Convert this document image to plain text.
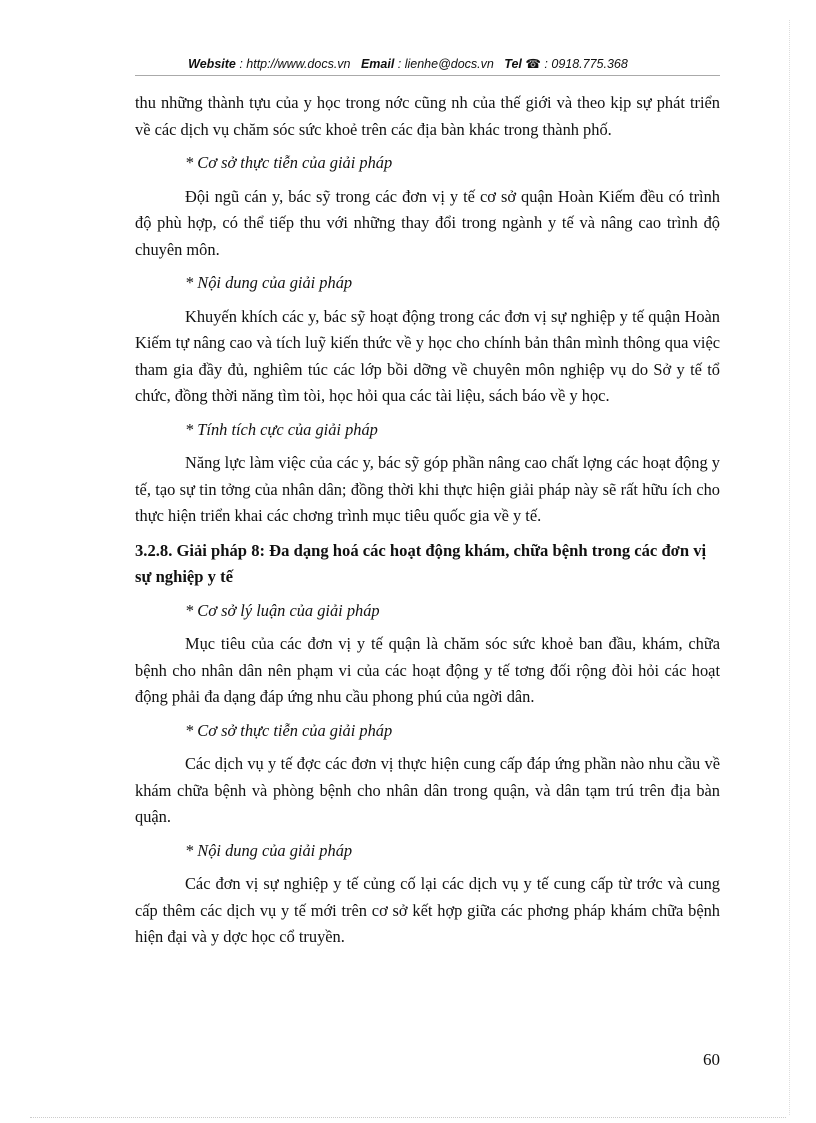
Website : http://www.docs.vn Email : lienhe@docs.vn Tel ☎ : 0918.775.368

thu những thành tựu của y học trong nớc cũng nh của thế giới và theo kịp sự phát triển về các dịch vụ chăm sóc sức khoẻ trên các địa bàn khác trong thành phố.

* Cơ sở thực tiễn của giải pháp

Đội ngũ cán y, bác sỹ trong các đơn vị y tế cơ sở quận Hoàn Kiếm đều có trình độ phù hợp, có thể tiếp thu với những thay đổi trong ngành y tế và nâng cao trình độ chuyên môn.

* Nội dung của giải pháp

Khuyến khích các y, bác sỹ hoạt động trong các đơn vị sự nghiệp y tế quận Hoàn Kiếm tự nâng cao và tích luỹ kiến thức về y học cho chính bản thân mình thông qua việc tham gia đầy đủ, nghiêm túc các lớp bồi dỡng về chuyên môn nghiệp vụ do Sở y tế tổ chức, đồng thời năng tìm tòi, học hỏi qua các tài liệu, sách báo về y học.

* Tính tích cực của giải pháp

Năng lực làm việc của các y, bác sỹ góp phần nâng cao chất lợng các hoạt động y tế, tạo sự tin tởng của nhân dân; đồng thời khi thực hiện giải pháp này sẽ rất hữu ích cho thực hiện triển khai các chơng trình mục tiêu quốc gia về y tế.

3.2.8. Giải pháp 8: Đa dạng hoá các hoạt động khám, chữa bệnh trong các đơn vị sự nghiệp y tế

* Cơ sở lý luận của giải pháp

Mục tiêu của các đơn vị y tế quận là chăm sóc sức khoẻ ban đầu, khám, chữa bệnh cho nhân dân nên phạm vi của các hoạt động y tế tơng đối rộng đòi hỏi các hoạt động phải đa dạng đáp ứng nhu cầu phong phú của ngời dân.

* Cơ sở thực tiễn của giải pháp

Các dịch vụ y tế đợc các đơn vị thực hiện cung cấp đáp ứng phần nào nhu cầu về khám chữa bệnh và phòng bệnh cho nhân dân trong quận, và dân tạm trú trên địa bàn quận.

* Nội dung của giải pháp

Các đơn vị sự nghiệp y tế củng cố lại các dịch vụ y tế cung cấp từ trớc và cung cấp thêm các dịch vụ y tế mới trên cơ sở kết hợp giữa các phơng pháp khám chữa bệnh hiện đại và y dợc học cổ truyền.

60
